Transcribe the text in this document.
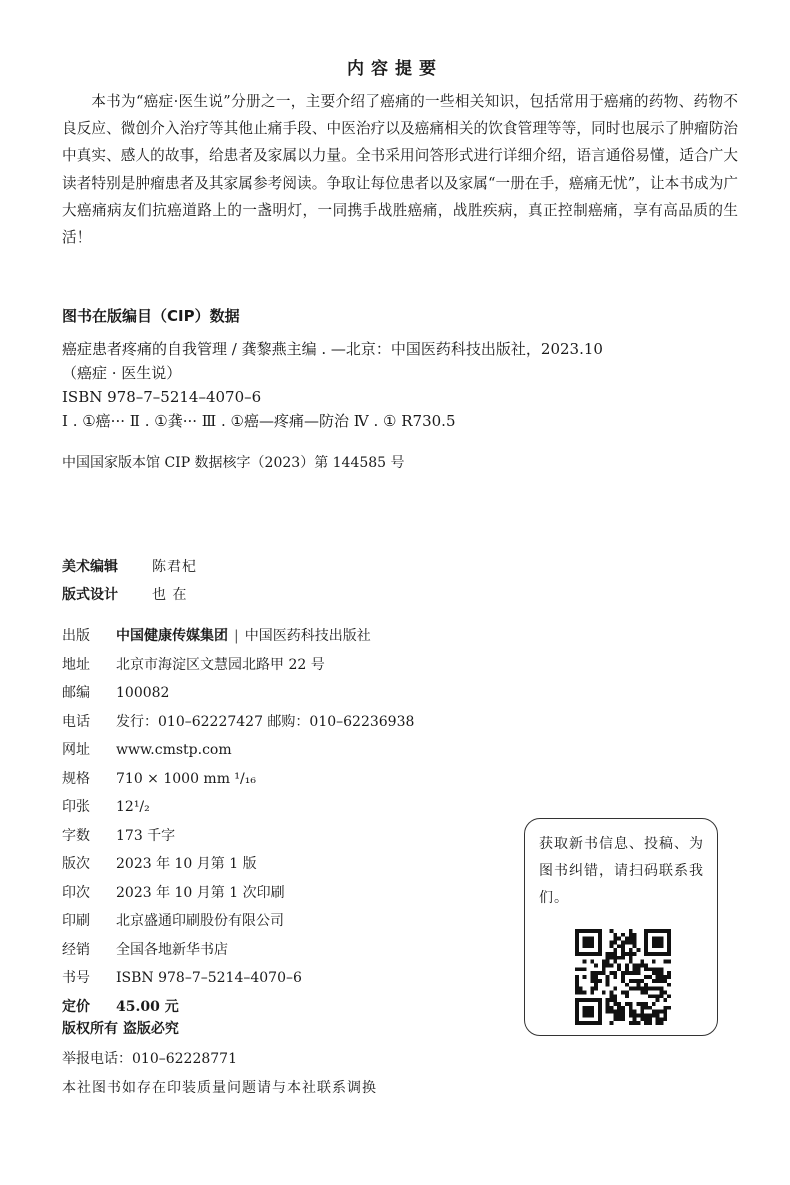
内容提要

本书为“癌症·医生说”分册之一，主要介绍了癌痛的一些相关知识，包括常用于癌痛的药物、药物不良反应、微创介入治疗等其他止痛手段、中医治疗以及癌痛相关的饮食管理等等，同时也展示了肿瘤防治中真实、感人的故事，给患者及家属以力量。全书采用问答形式进行详细介绍，语言通俗易懂，适合广大读者特别是肿瘤患者及其家属参考阅读。争取让每位患者以及家属“一册在手，癌痛无忧”，让本书成为广大癌痛病友们抗癌道路上的一盏明灯，一同携手战胜癌痛，战胜疾病，真正控制癌痛，享有高品质的生活！

图书在版编目（CIP）数据
癌症患者疼痛的自我管理 / 龚黎燕主编 . —北京：中国医药科技出版社，2023.10
（癌症 · 医生说）
ISBN 978–7–5214–4070–6
Ⅰ . ①癌··· Ⅱ . ①龚··· Ⅲ . ①癌—疼痛—防治 Ⅳ . ① R730.5
中国国家版本馆 CIP 数据核字（2023）第 144585 号
美术编辑 陈君杞
版式设计 也 在
出版 中国健康传媒集团 | 中国医药科技出版社
地址 北京市海淀区文慧园北路甲 22 号
邮编 100082
电话 发行：010–62227427 邮购：010–62236938
网址 www.cmstp.com
规格 710 × 1000 mm ¹/₁₆
印张 12¹/₂
字数 173 千字
版次 2023 年 10 月第 1 版
印次 2023 年 10 月第 1 次印刷
印刷 北京盛通印刷股份有限公司
经销 全国各地新华书店
书号 ISBN 978–7–5214–4070–6
定价 45.00 元
版权所有 盗版必究
举报电话：010–62228771
本社图书如存在印装质量问题请与本社联系调换

获取新书信息、投稿、为图书纠错，请扫码联系我们。
